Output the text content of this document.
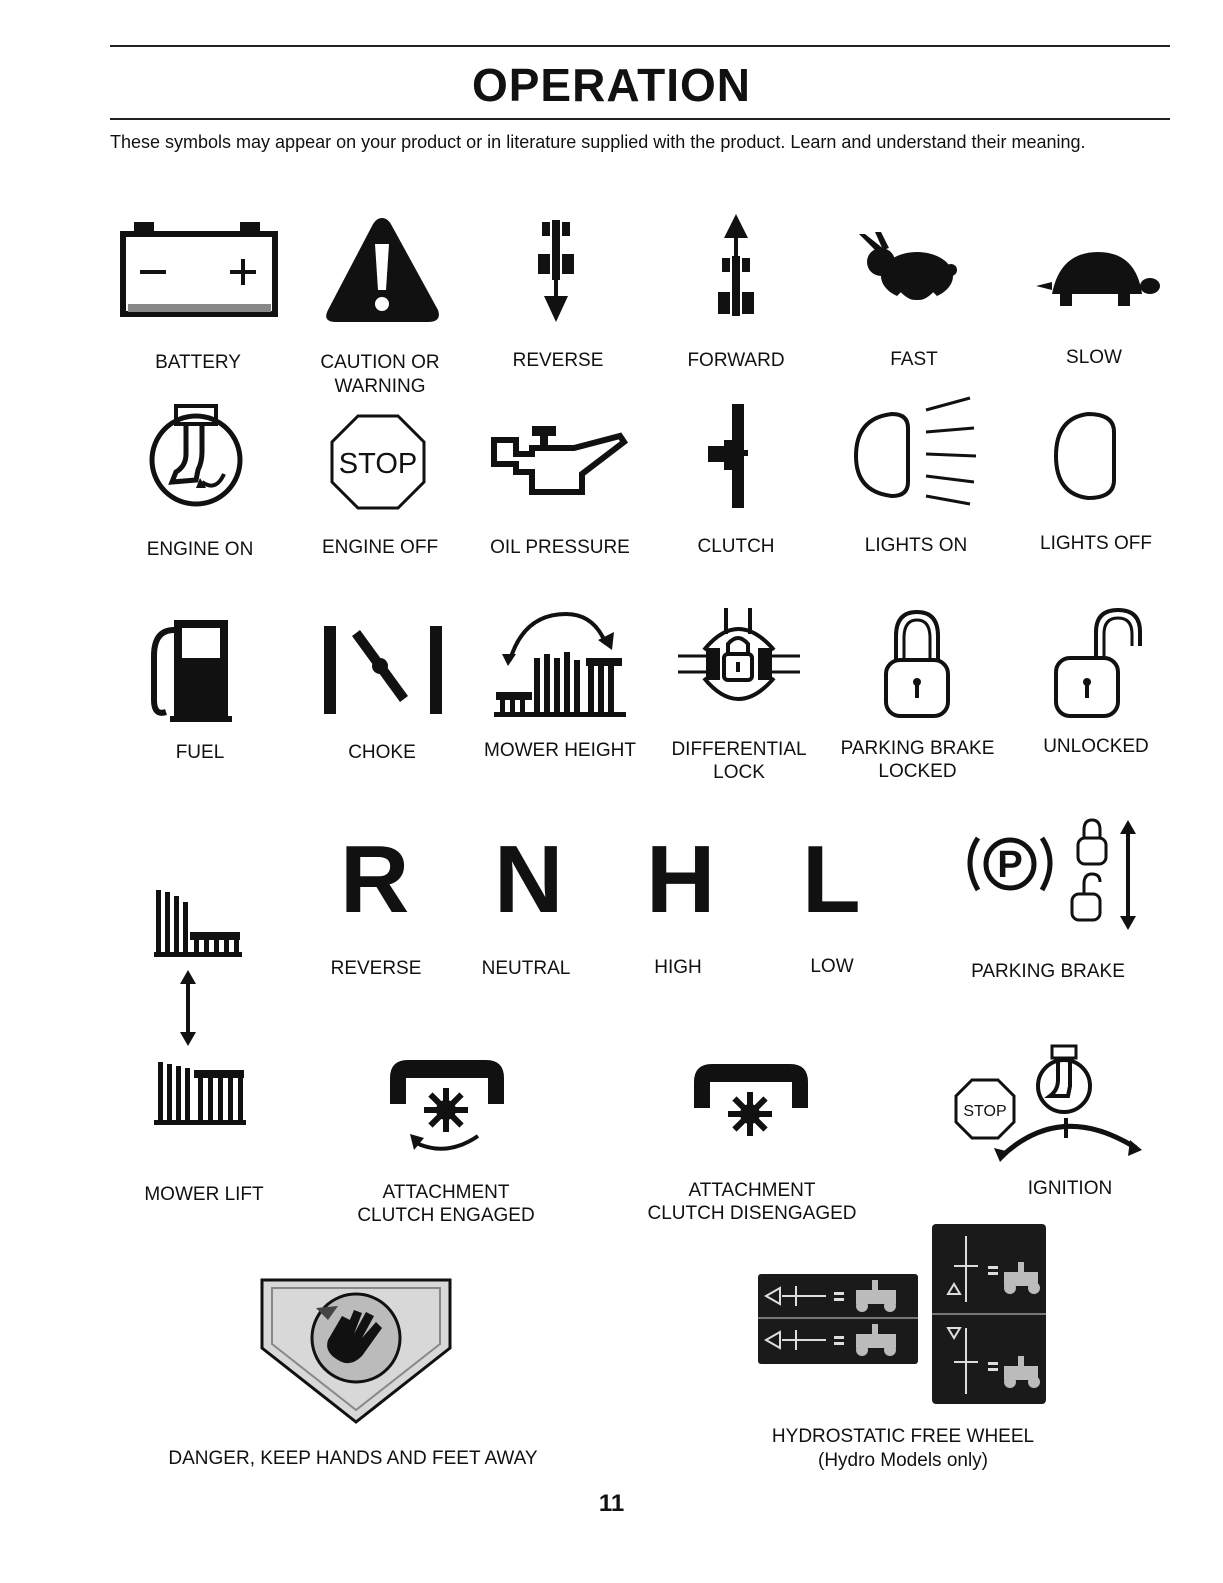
OPERATION
These symbols may appear on your product or in literature supplied with the product. Learn and understand their meaning.
BATTERY	CAUTION OR
WARNING
REVERSE	FORWARD	FAST	SLOW
STOP
ENGINE ON	ENGINE OFF	OIL PRESSURE	CLUTCH	LIGHTS ON	LIGHTS OFF
FUEL	CHOKE	MOWER HEIGHT	DIFFERENTIAL
LOCK
PARKING BRAKE
LOCKED
UNLOCKED
R N H L	P
REVERSE	NEUTRAL	HIGH	LOW	PARKING BRAKE
STOP
MOWER LIFT	ATTACHMENT
CLUTCH ENGAGED
ATTACHMENT
CLUTCH DISENGAGED
IGNITION
DANGER, KEEP HANDS AND FEET AWAY
HYDROSTATIC FREE WHEEL
(Hydro Models only)
11
